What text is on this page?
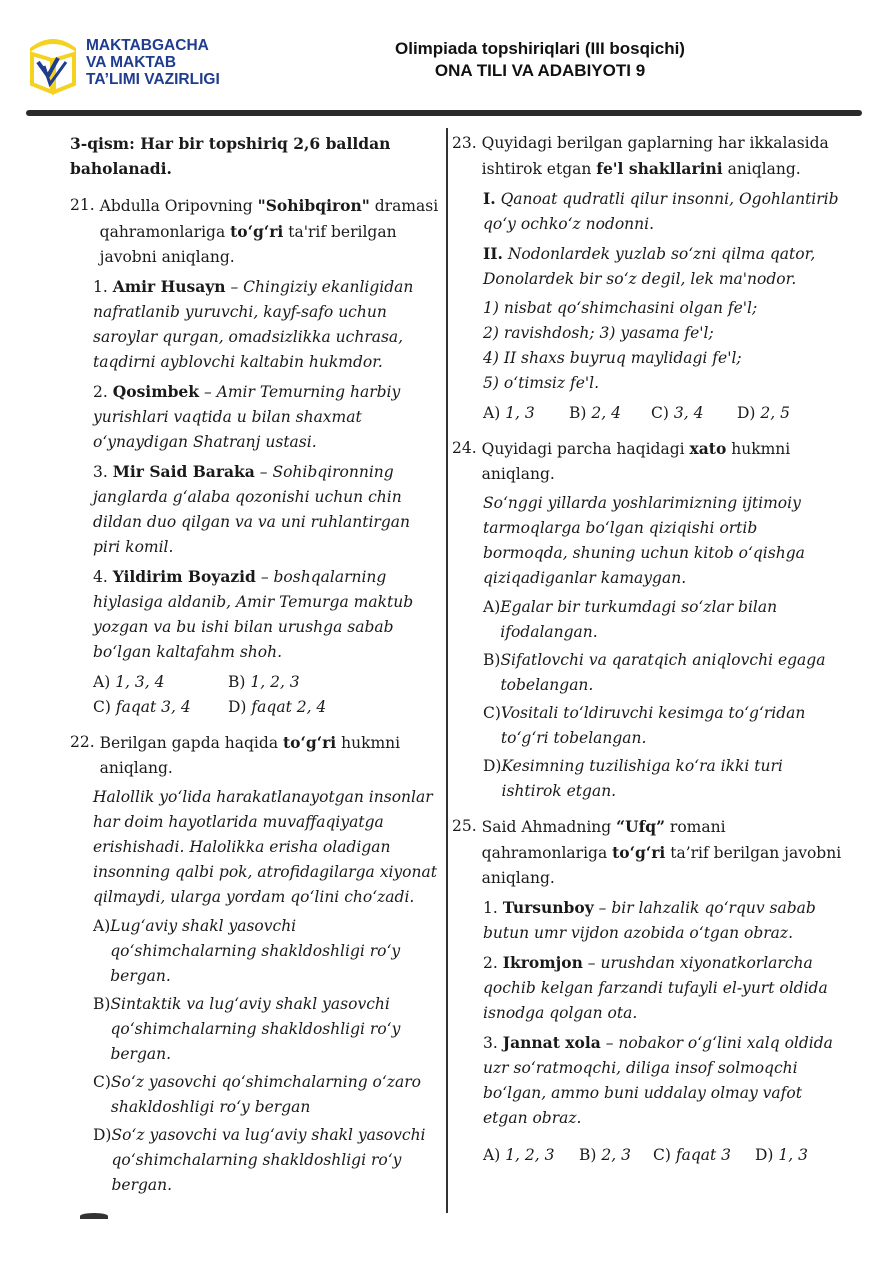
MAKTABGACHA
VA MAKTAB
TA’LIMI VAZIRLIGI
Olimpiada topshiriqlari (III bosqichi)
ONA TILI VA ADABIYOTI 9

3-qism: Har bir topshiriq 2,6 balldan baholanadi.

21. Abdulla Oripovning "Sohibqiron" dramasi qahramonlariga to‘g‘ri ta'rif berilgan javobni aniqlang.

1. Amir Husayn – Chingiziy ekanligidan nafratlanib yuruvchi, kayf-safo uchun saroylar qurgan, omadsizlikka uchrasa, taqdirni ayblovchi kaltabin hukmdor.

2. Qosimbek – Amir Temurning harbiy yurishlari vaqtida u bilan shaxmat o‘ynaydigan Shatranj ustasi.

3. Mir Said Baraka – Sohibqironning janglarda g‘alaba qozonishi uchun chin dildan duo qilgan va va uni ruhlantirgan piri komil.

4. Yildirim Boyazid – boshqalarning hiylasiga aldanib, Amir Temurga maktub yozgan va bu ishi bilan urushga sabab bo‘lgan kaltafahm shoh.

A) 1, 3, 4	B) 1, 2, 3
C) faqat 3, 4 D) faqat 2, 4
22. Berilgan gapda haqida to‘g‘ri hukmni aniqlang.

Halollik yo‘lida harakatlanayotgan insonlar har doim hayotlarida muvaffaqiyatga erishishadi. Halolikka erisha oladigan insonning qalbi pok, atrofidagilarga xiyonat qilmaydi, ularga yordam qo‘lini cho‘zadi.

A) Lug‘aviy shakl yasovchi qo‘shimchalarning shakldoshligi ro‘y bergan.
B) Sintaktik va lug‘aviy shakl yasovchi qo‘shimchalarning shakldoshligi ro‘y bergan.
C) So‘z yasovchi qo‘shimchalarning o‘zaro shakldoshligi ro‘y bergan
D) So‘z yasovchi va lug‘aviy shakl yasovchi qo‘shimchalarning shakldoshligi ro‘y bergan.
23. Quyidagi berilgan gaplarning har ikkalasida ishtirok etgan fe'l shakllarini aniqlang.

I. Qanoat qudratli qilur insonni, Ogohlantirib qo‘y ochko‘z nodonni.

II. Nodonlardek yuzlab so‘zni qilma qator, Donolardek bir so‘z degil, lek ma'nodor.

1) nisbat qo‘shimchasini olgan fe'l;
2) ravishdosh; 3) yasama fe'l;
4) II shaxs buyruq maylidagi fe'l;
5) o‘timsiz fe'l.
A) 1, 3 B) 2, 4 C) 3, 4 D) 2, 5
24. Quyidagi parcha haqidagi xato hukmni aniqlang.

So‘nggi yillarda yoshlarimizning ijtimoiy tarmoqlarga bo‘lgan qiziqishi ortib bormoqda, shuning uchun kitob o‘qishga qiziqadiganlar kamaygan.

A) Egalar bir turkumdagi so‘zlar bilan ifodalangan.
B) Sifatlovchi va qaratqich aniqlovchi egaga tobelangan.
C) Vositali to‘ldiruvchi kesimga to‘g‘ridan to‘g‘ri tobelangan.
D) Kesimning tuzilishiga ko‘ra ikki turi ishtirok etgan.
25. Said Ahmadning “Ufq” romani qahramonlariga to‘g‘ri ta’rif berilgan javobni aniqlang.

1. Tursunboy – bir lahzalik qo‘rquv sabab butun umr vijdon azobida o‘tgan obraz.

2. Ikromjon – urushdan xiyonatkorlarcha qochib kelgan farzandi tufayli el-yurt oldida isnodga qolgan ota.

3. Jannat xola – nobakor o‘g‘lini xalq oldida uzr so‘ratmoqchi, diliga insof solmoqchi bo‘lgan, ammo buni uddalay olmay vafot etgan obraz.

A) 1, 2, 3 B) 2, 3 C) faqat 3 D) 1, 3
